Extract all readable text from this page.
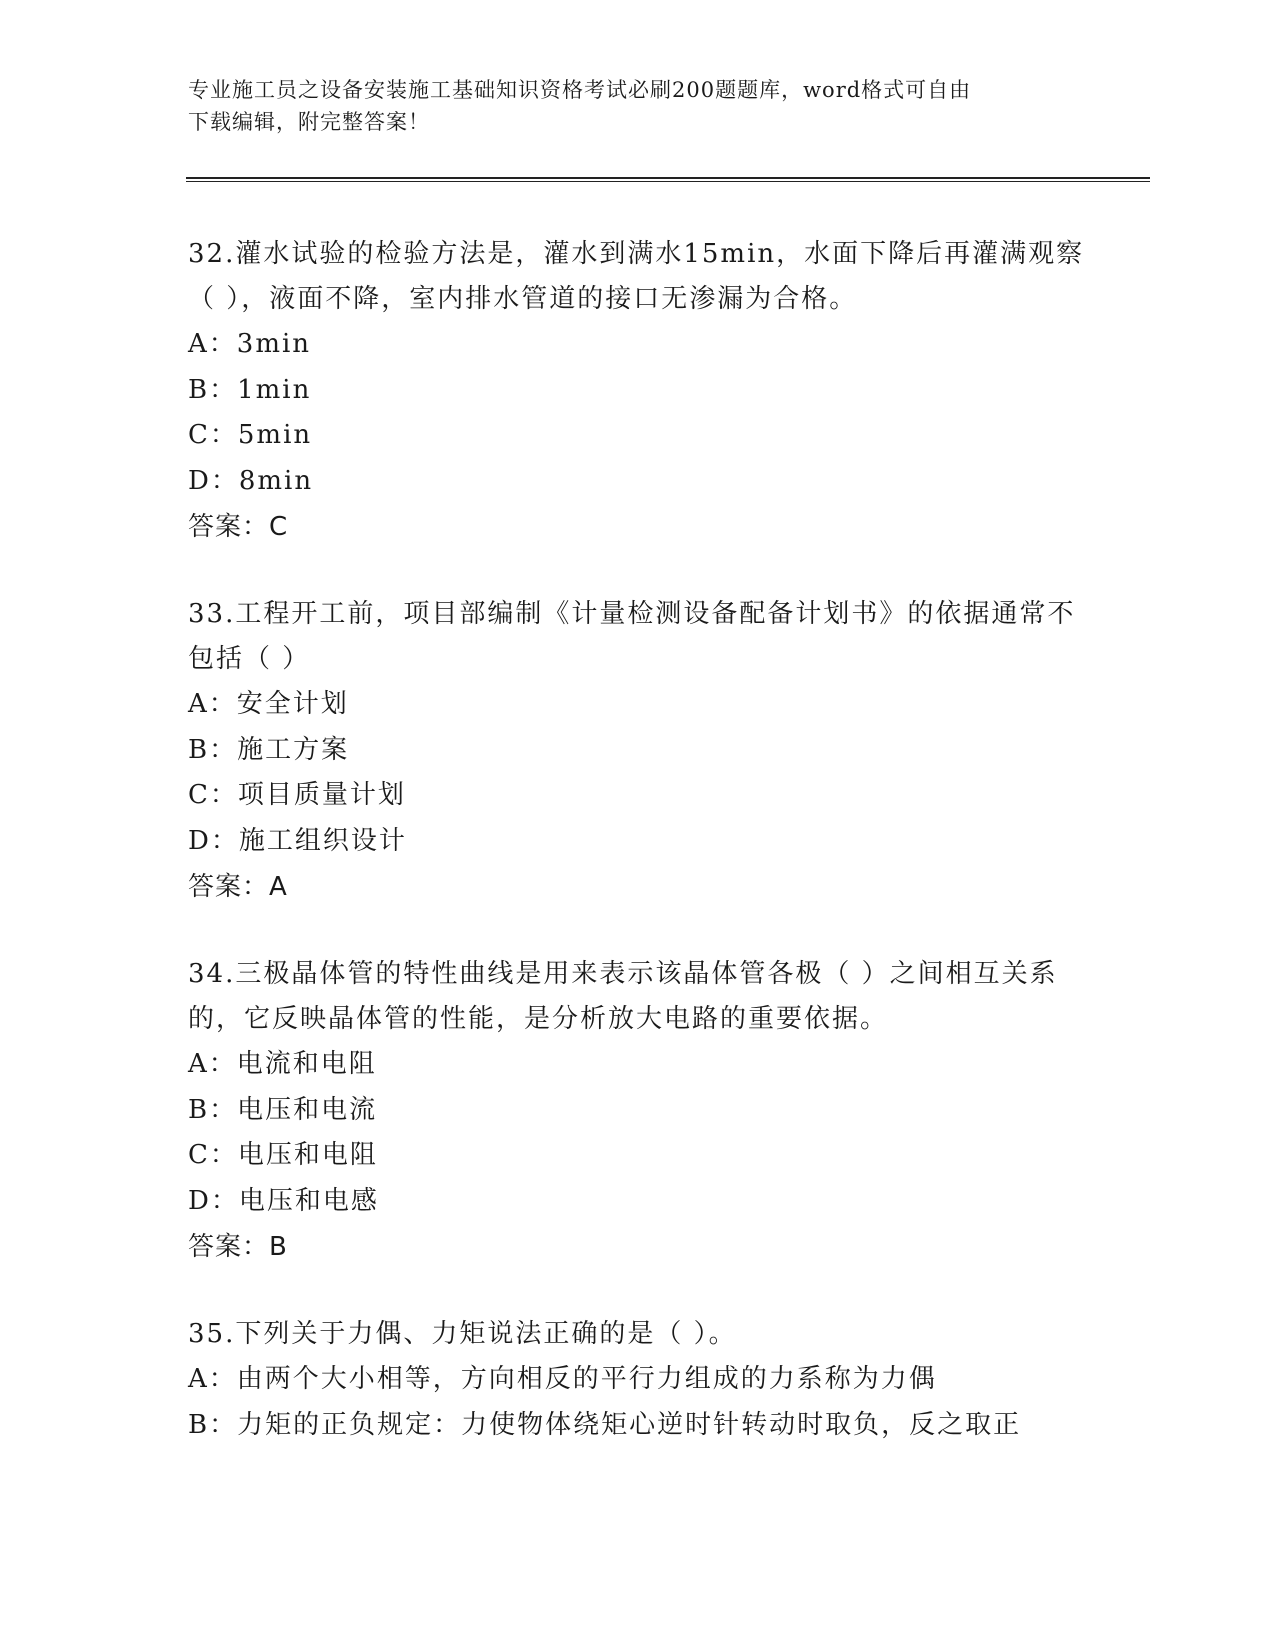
专业施工员之设备安装施工基础知识资格考试必刷200题题库，word格式可自由
下载编辑，附完整答案！
32.灌水试验的检验方法是，灌水到满水15min，水面下降后再灌满观察（ ），液面不降，室内排水管道的接口无渗漏为合格。
A：3min
B：1min
C：5min
D：8min
答案：C
33.工程开工前，项目部编制《计量检测设备配备计划书》的依据通常不包括（ ）
A：安全计划
B：施工方案
C：项目质量计划
D：施工组织设计
答案：A
34.三极晶体管的特性曲线是用来表示该晶体管各极（ ）之间相互关系的，它反映晶体管的性能，是分析放大电路的重要依据。
A：电流和电阻
B：电压和电流
C：电压和电阻
D：电压和电感
答案：B
35.下列关于力偶、力矩说法正确的是（ ）。
A：由两个大小相等，方向相反的平行力组成的力系称为力偶
B：力矩的正负规定：力使物体绕矩心逆时针转动时取负，反之取正
